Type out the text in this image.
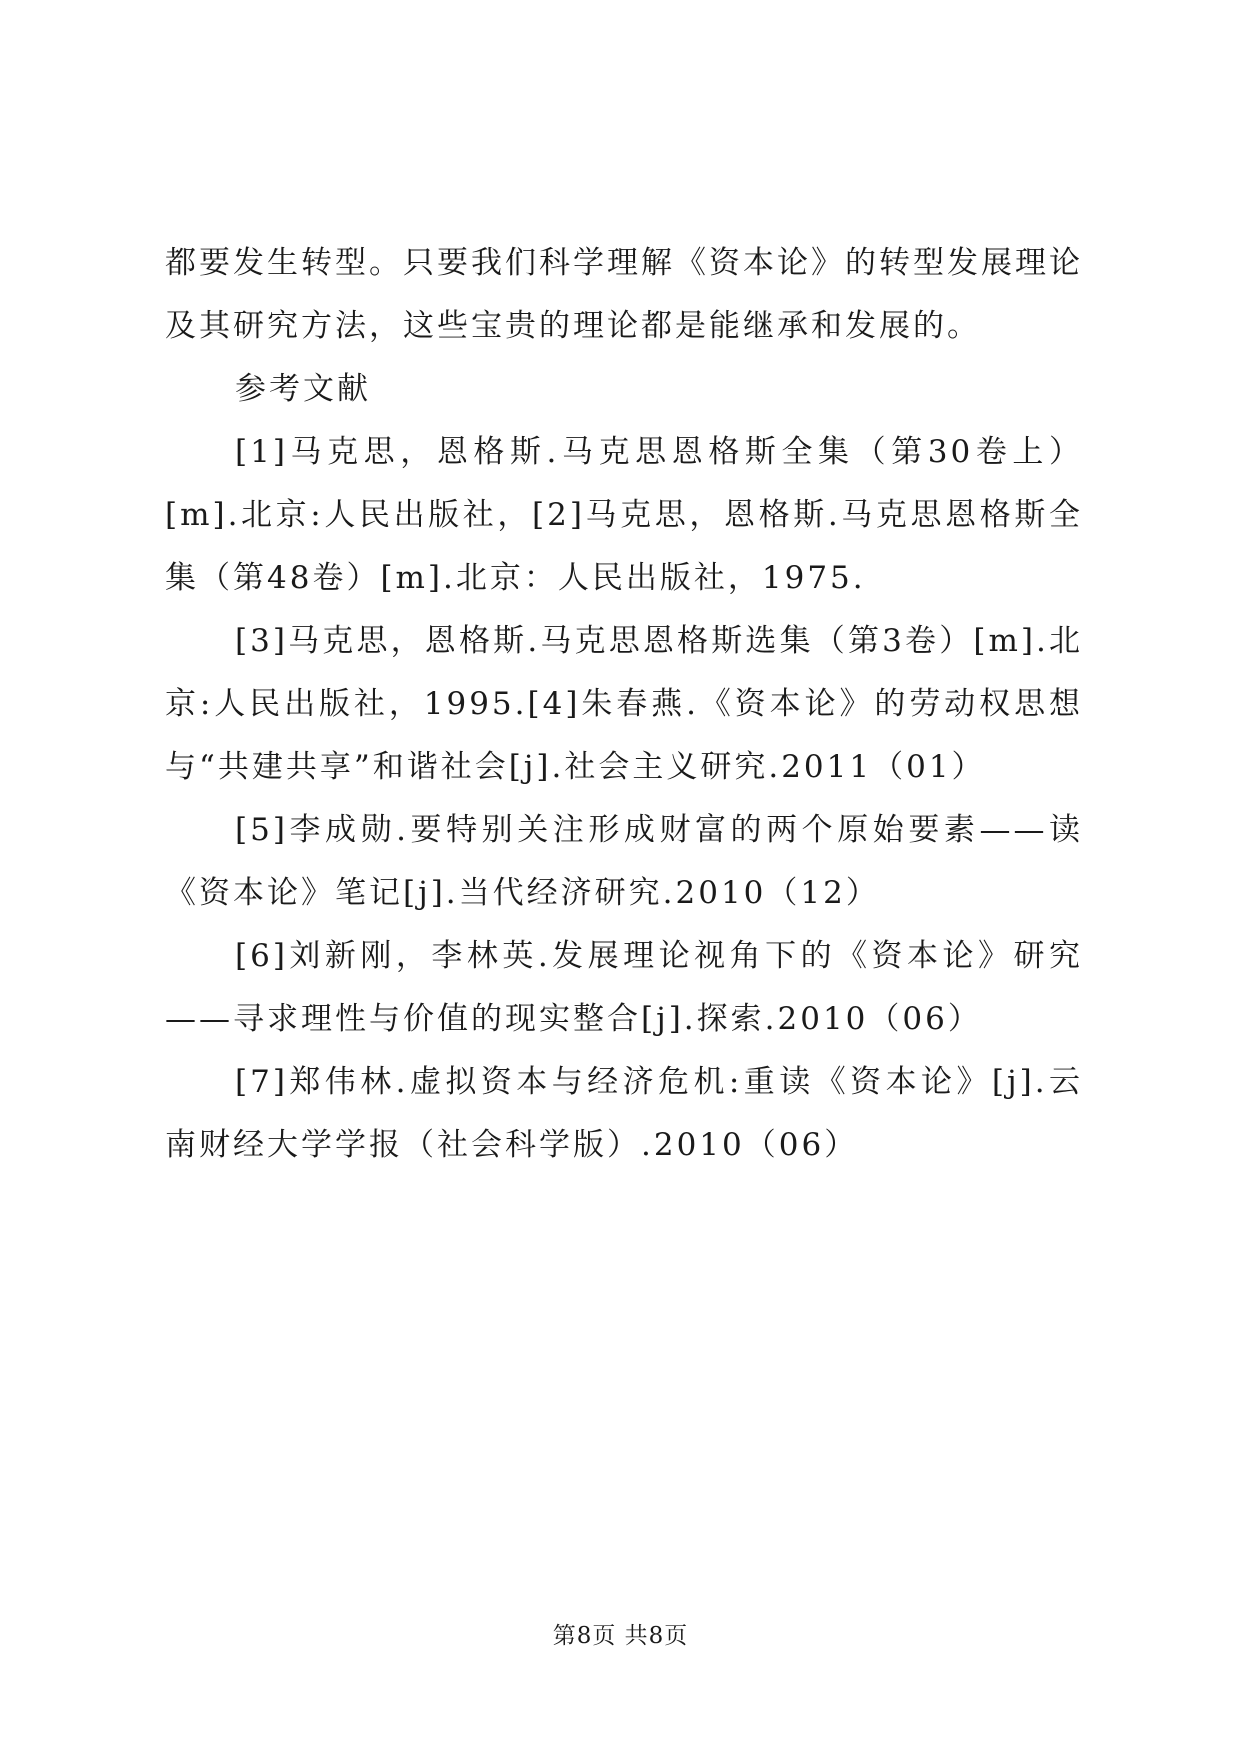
都要发生转型。只要我们科学理解《资本论》的转型发展理论及其研究方法，这些宝贵的理论都是能继承和发展的。

参考文献

[1]马克思，恩格斯.马克思恩格斯全集（第30卷上）[m].北京:人民出版社，[2]马克思，恩格斯.马克思恩格斯全集（第48卷）[m].北京：人民出版社，1975.

[3]马克思，恩格斯.马克思恩格斯选集（第3卷）[m].北京:人民出版社，1995.[4]朱春燕.《资本论》的劳动权思想与“共建共享”和谐社会[j].社会主义研究.2011（01）

[5]李成勋.要特别关注形成财富的两个原始要素——读《资本论》笔记[j].当代经济研究.2010（12）

[6]刘新刚，李林英.发展理论视角下的《资本论》研究——寻求理性与价值的现实整合[j].探索.2010（06）

[7]郑伟林.虚拟资本与经济危机:重读《资本论》[j].云南财经大学学报（社会科学版）.2010（06）

第8页 共8页
